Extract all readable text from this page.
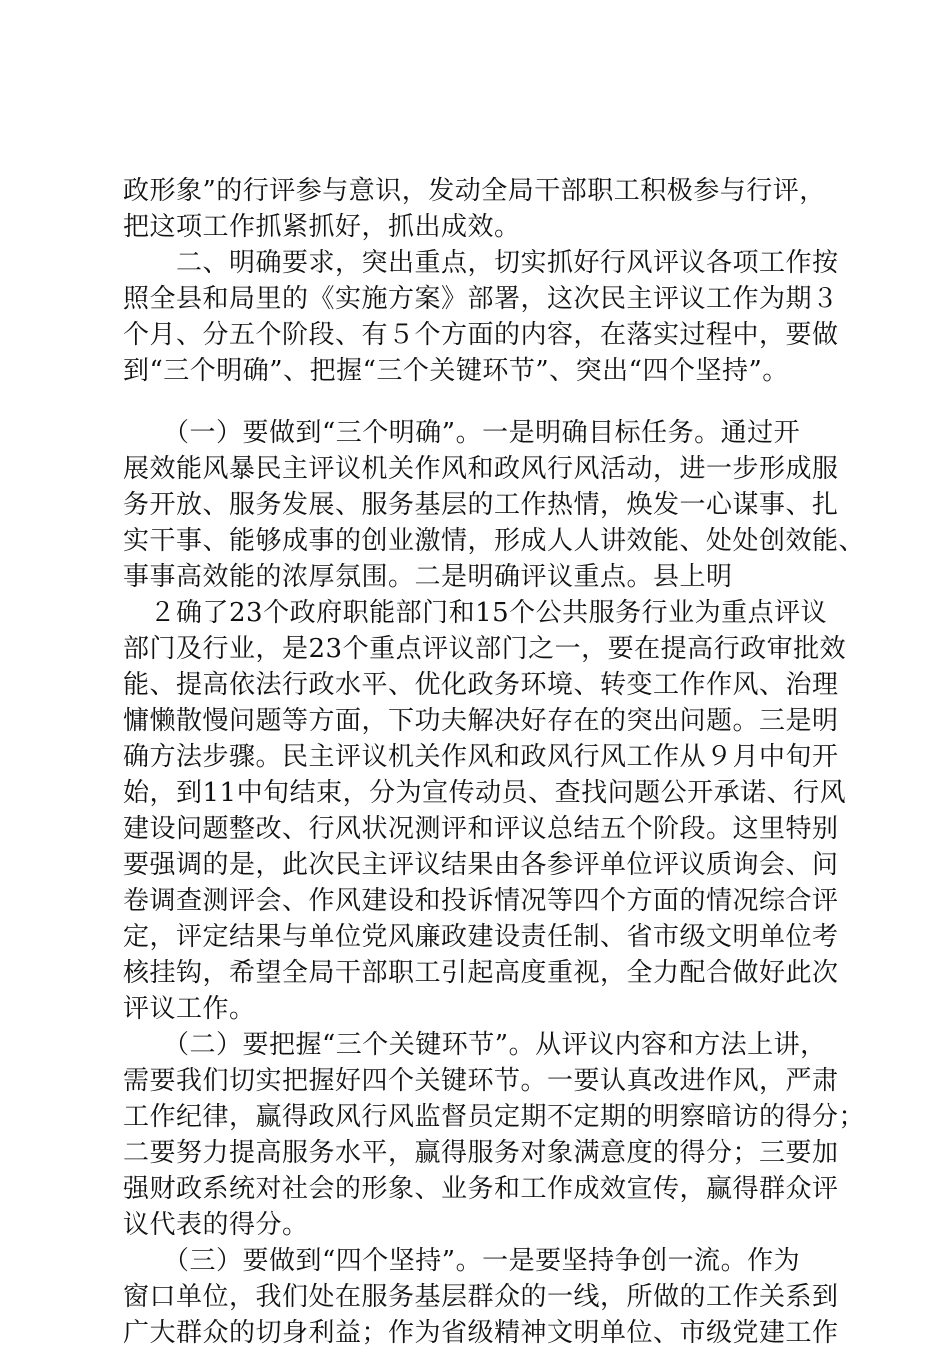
政形象”的行评参与意识，发动全局干部职工积极参与行评，
把这项工作抓紧抓好，抓出成效。
　　二、明确要求，突出重点，切实抓好行风评议各项工作按
照全县和局里的《实施方案》部署，这次民主评议工作为期３
个月、分五个阶段、有５个方面的内容，在落实过程中，要做
到“三个明确”、把握“三个关键环节”、突出“四个坚持”。
　　（一）要做到“三个明确”。一是明确目标任务。通过开
展效能风暴民主评议机关作风和政风行风活动，进一步形成服
务开放、服务发展、服务基层的工作热情，焕发一心谋事、扎
实干事、能够成事的创业激情，形成人人讲效能、处处创效能、
事事高效能的浓厚氛围。二是明确评议重点。县上明
　２确了23个政府职能部门和15个公共服务行业为重点评议
部门及行业，是23个重点评议部门之一，要在提高行政审批效
能、提高依法行政水平、优化政务环境、转变工作作风、治理
慵懒散慢问题等方面，下功夫解决好存在的突出问题。三是明
确方法步骤。民主评议机关作风和政风行风工作从９月中旬开
始，到11中旬结束，分为宣传动员、查找问题公开承诺、行风
建设问题整改、行风状况测评和评议总结五个阶段。这里特别
要强调的是，此次民主评议结果由各参评单位评议质询会、问
卷调查测评会、作风建设和投诉情况等四个方面的情况综合评
定，评定结果与单位党风廉政建设责任制、省市级文明单位考
核挂钩，希望全局干部职工引起高度重视，全力配合做好此次
评议工作。
　　（二）要把握“三个关键环节”。从评议内容和方法上讲，
需要我们切实把握好四个关键环节。一要认真改进作风，严肃
工作纪律，赢得政风行风监督员定期不定期的明察暗访的得分；
二要努力提高服务水平，赢得服务对象满意度的得分；三要加
强财政系统对社会的形象、业务和工作成效宣传，赢得群众评
议代表的得分。
　　（三）要做到“四个坚持”。一是要坚持争创一流。作为
窗口单位，我们处在服务基层群众的一线，所做的工作关系到
广大群众的切身利益；作为省级精神文明单位、市级党建工作
